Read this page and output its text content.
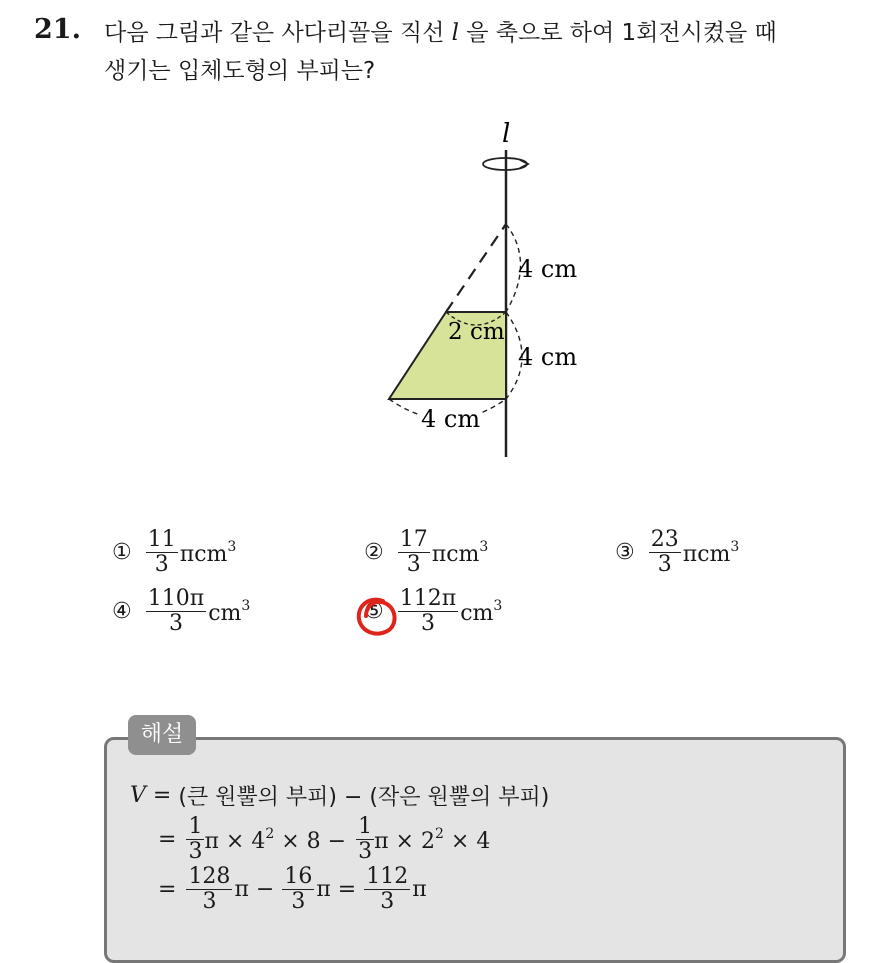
21. 다음 그림과 같은 사다리꼴을 직선 l 을 축으로 하여 1회전시켰을 때
생기는 입체도형의 부피는?
l
4 cm
2 cm
4 cm
4 cm
① $\frac{11}{3} \pi cm^3$	② $\frac{17}{3} \pi cm^3$	③ $\frac{23}{3} \pi cm^3$
④ $\frac{110\pi}{3} cm^3$	⑤ $\frac{112\pi}{3} cm^3$
해설
V = (큰 원뿔의 부피) − (작은 원뿔의 부피)
= $\frac{1}{3}$ $\pi \times 4^2 \times 8 - \frac{1}{3}$ $\pi \times 2^2 \times 4$
= $\frac{128}{3}$ $\pi - \frac{16}{3}$ $\pi = \frac{112}{3}$ π
